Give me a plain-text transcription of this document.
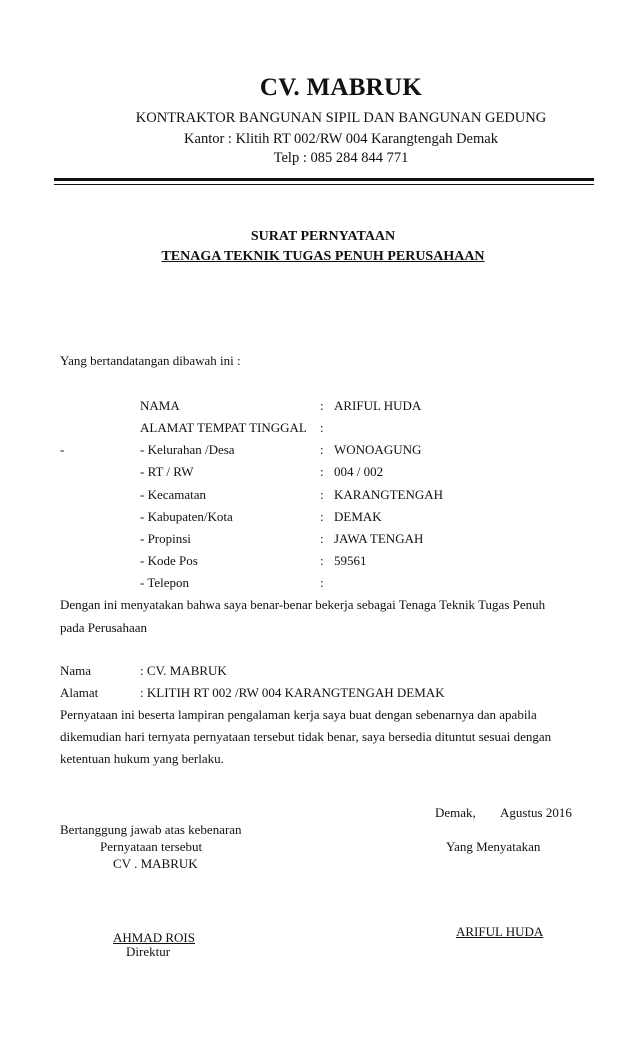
CV. MABRUK
KONTRAKTOR BANGUNAN SIPIL DAN BANGUNAN GEDUNG
Kantor : Klitih RT 002/RW 004 Karangtengah Demak
Telp : 085 284 844 771
SURAT PERNYATAAN
TENAGA TEKNIK TUGAS PENUH PERUSAHAAN
Yang bertandatangan dibawah ini :
NAMA	: ARIFUL HUDA
ALAMAT TEMPAT TINGGAL :
-	- Kelurahan /Desa	: WONOAGUNG
- RT / RW	: 004 / 002
- Kecamatan	: KARANGTENGAH
- Kabupaten/Kota	: DEMAK
- Propinsi	: JAWA TENGAH
- Kode Pos	: 59561
- Telepon	:
Dengan ini menyatakan bahwa saya benar-benar bekerja sebagai Tenaga Teknik Tugas Penuh
pada Perusahaan
Nama	: CV. MABRUK
Alamat	: KLITIH RT 002 /RW 004 KARANGTENGAH DEMAK
Pernyataan ini beserta lampiran pengalaman kerja saya buat dengan sebenarnya dan apabila
dikemudian hari ternyata pernyataan tersebut tidak benar, saya bersedia dituntut sesuai dengan
ketentuan hukum yang berlaku.
Demak, Agustus 2016
Bertanggung jawab atas kebenaran
Pernyataan tersebut
CV . MABRUK
Yang Menyatakan
AHMAD ROIS
Direktur
ARIFUL HUDA
